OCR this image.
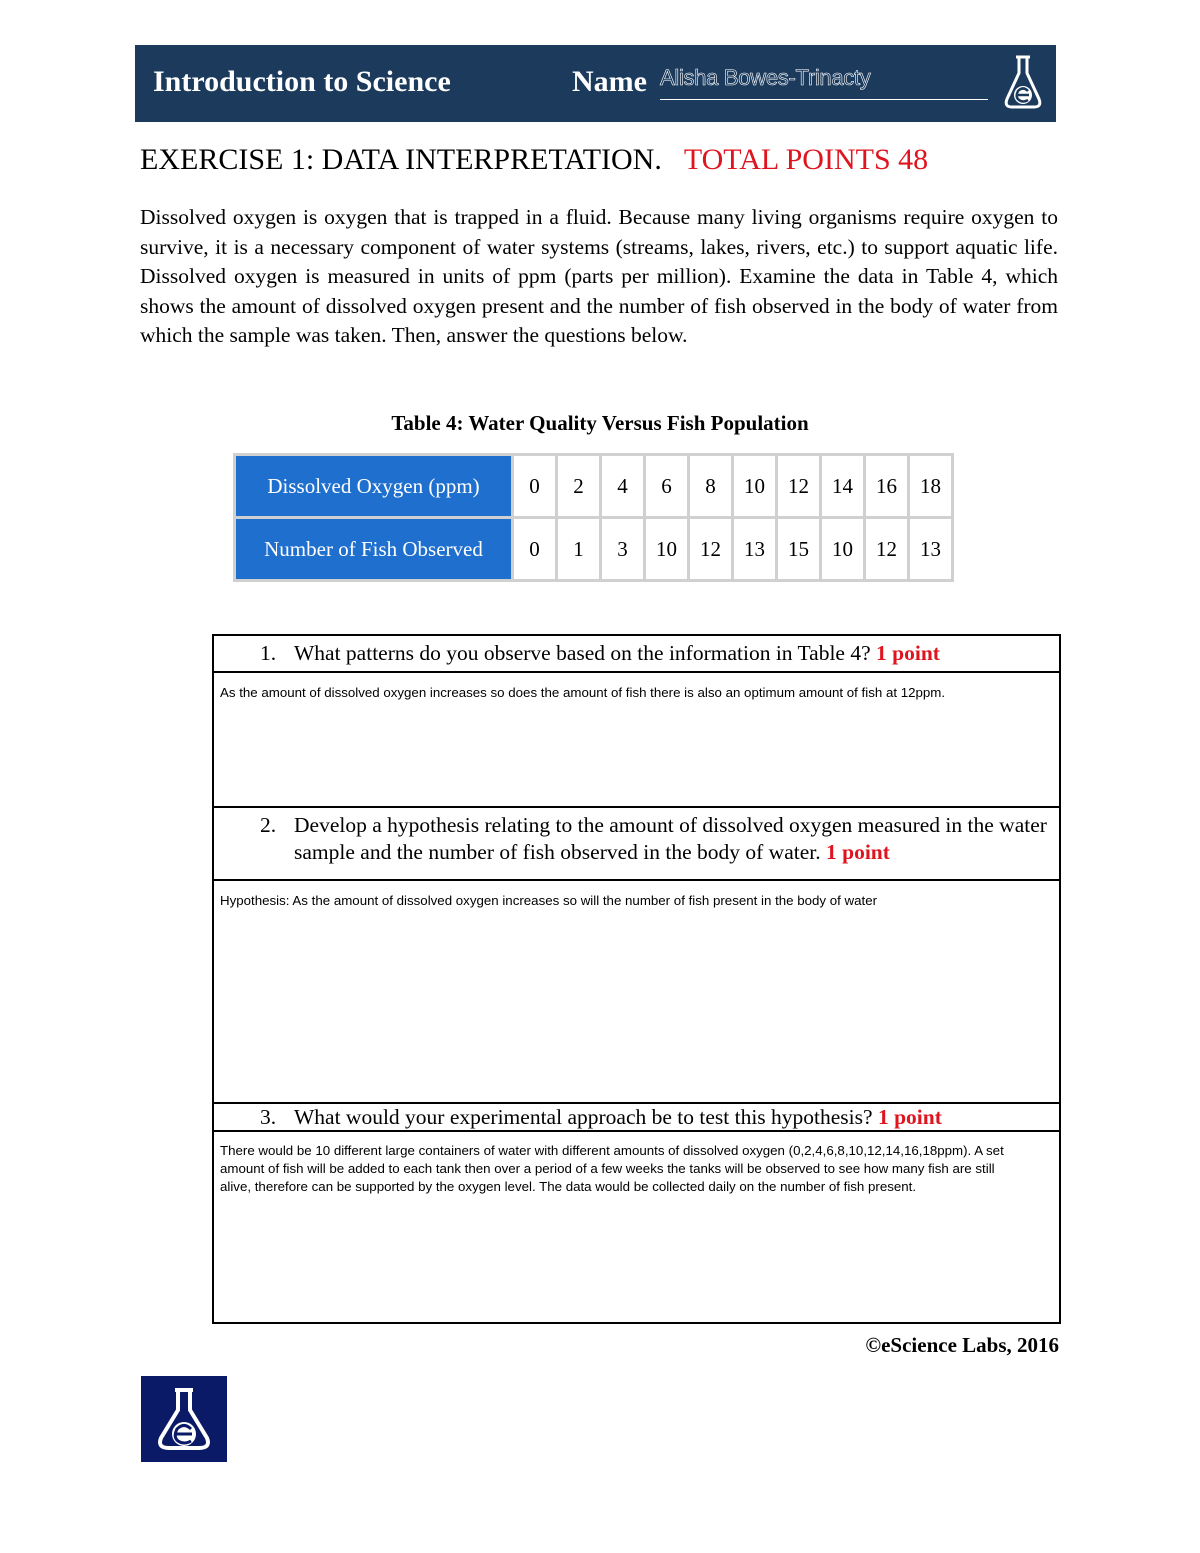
Introduction to Science	Name Alisha Bowes-Trinacty
EXERCISE 1: DATA INTERPRETATION. TOTAL POINTS 48
Dissolved oxygen is oxygen that is trapped in a fluid. Because many living organisms require oxygen to survive, it is a necessary component of water systems (streams, lakes, rivers, etc.) to support aquatic life. Dissolved oxygen is measured in units of ppm (parts per million). Examine the data in Table 4, which shows the amount of dissolved oxygen present and the number of fish observed in the body of water from which the sample was taken. Then, answer the questions below.
Table 4: Water Quality Versus Fish Population
Dissolved Oxygen (ppm)	0	2	4	6	8	10	12	14	16	18
Number of Fish Observed	0	1	3	10	12	13	15	10	12	13
1. What patterns do you observe based on the information in Table 4? 1 point
As the amount of dissolved oxygen increases so does the amount of fish there is also an optimum amount of fish at 12ppm.
2. Develop a hypothesis relating to the amount of dissolved oxygen measured in the water sample and the number of fish observed in the body of water. 1 point
Hypothesis: As the amount of dissolved oxygen increases so will the number of fish present in the body of water
3. What would your experimental approach be to test this hypothesis? 1 point
There would be 10 different large containers of water with different amounts of dissolved oxygen (0,2,4,6,8,10,12,14,16,18ppm). A set amount of fish will be added to each tank then over a period of a few weeks the tanks will be observed to see how many fish are still alive, therefore can be supported by the oxygen level. The data would be collected daily on the number of fish present.
©eScience Labs, 2016
